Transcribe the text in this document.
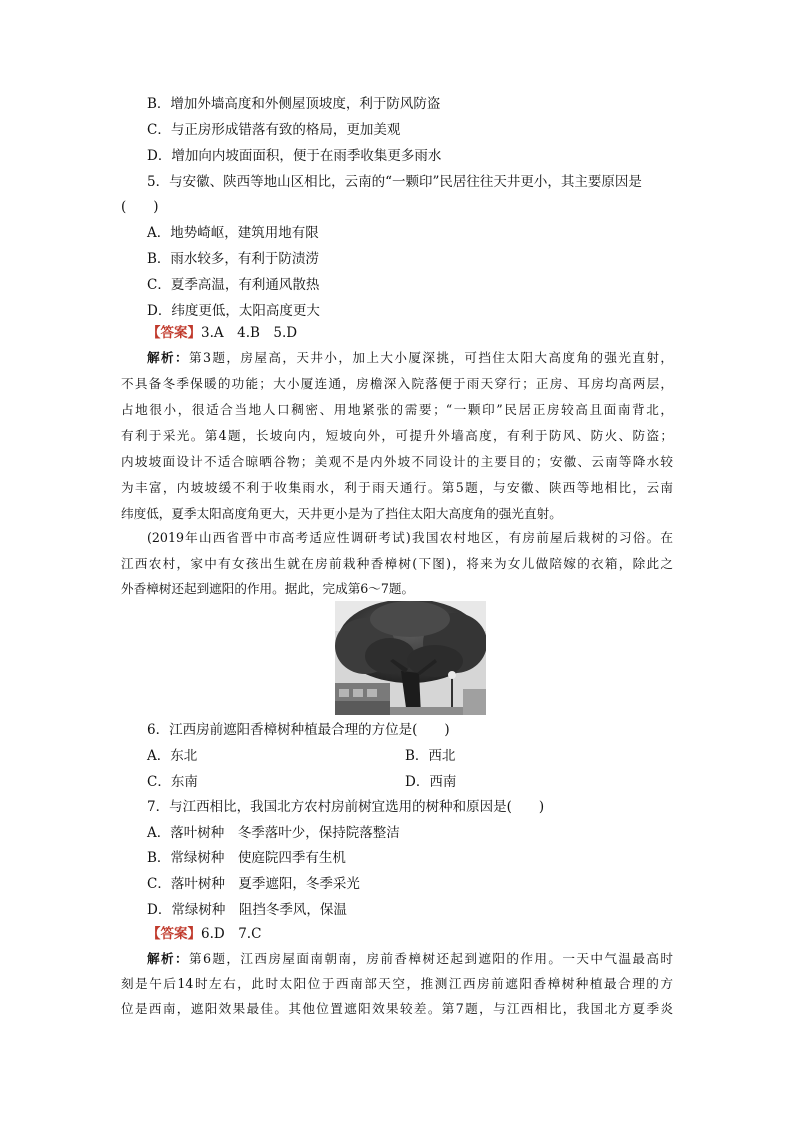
B．增加外墙高度和外侧屋顶坡度，利于防风防盗
C．与正房形成错落有致的格局，更加美观
D．增加向内坡面面积，便于在雨季收集更多雨水
5．与安徽、陕西等地山区相比，云南的“一颗印”民居往往天井更小，其主要原因是
(　　)
A．地势崎岖，建筑用地有限
B．雨水较多，有利于防渍涝
C．夏季高温，有利通风散热
D．纬度更低，太阳高度更大
【答案】3.A　4.B　5.D
解析：第3题，房屋高，天井小，加上大小厦深挑，可挡住太阳大高度角的强光直射，
不具备冬季保暖的功能；大小厦连通，房檐深入院落便于雨天穿行；正房、耳房均高两层，
占地很小，很适合当地人口稠密、用地紧张的需要；“一颗印”民居正房较高且面南背北，
有利于采光。第4题，长坡向内，短坡向外，可提升外墙高度，有利于防风、防火、防盗；
内坡坡面设计不适合晾晒谷物；美观不是内外坡不同设计的主要目的；安徽、云南等降水较
为丰富，内坡坡缓不利于收集雨水，利于雨天通行。第5题，与安徽、陕西等地相比，云南
纬度低，夏季太阳高度角更大，天井更小是为了挡住太阳大高度角的强光直射。
(2019年山西省晋中市高考适应性调研考试)我国农村地区，有房前屋后栽树的习俗。在
江西农村，家中有女孩出生就在房前栽种香樟树(下图)，将来为女儿做陪嫁的衣箱，除此之
外香樟树还起到遮阳的作用。据此，完成第6～7题。
6．江西房前遮阳香樟树种植最合理的方位是(　　)
A．东北	B．西北
C．东南	D．西南
7．与江西相比，我国北方农村房前树宜选用的树种和原因是(　　)
A．落叶树种　冬季落叶少，保持院落整洁
B．常绿树种　使庭院四季有生机
C．落叶树种　夏季遮阳，冬季采光
D．常绿树种　阻挡冬季风，保温
【答案】6.D　7.C
解析：第6题，江西房屋面南朝南，房前香樟树还起到遮阳的作用。一天中气温最高时
刻是午后14时左右，此时太阳位于西南部天空，推测江西房前遮阳香樟树种植最合理的方
位是西南，遮阳效果最佳。其他位置遮阳效果较差。第7题，与江西相比，我国北方夏季炎
